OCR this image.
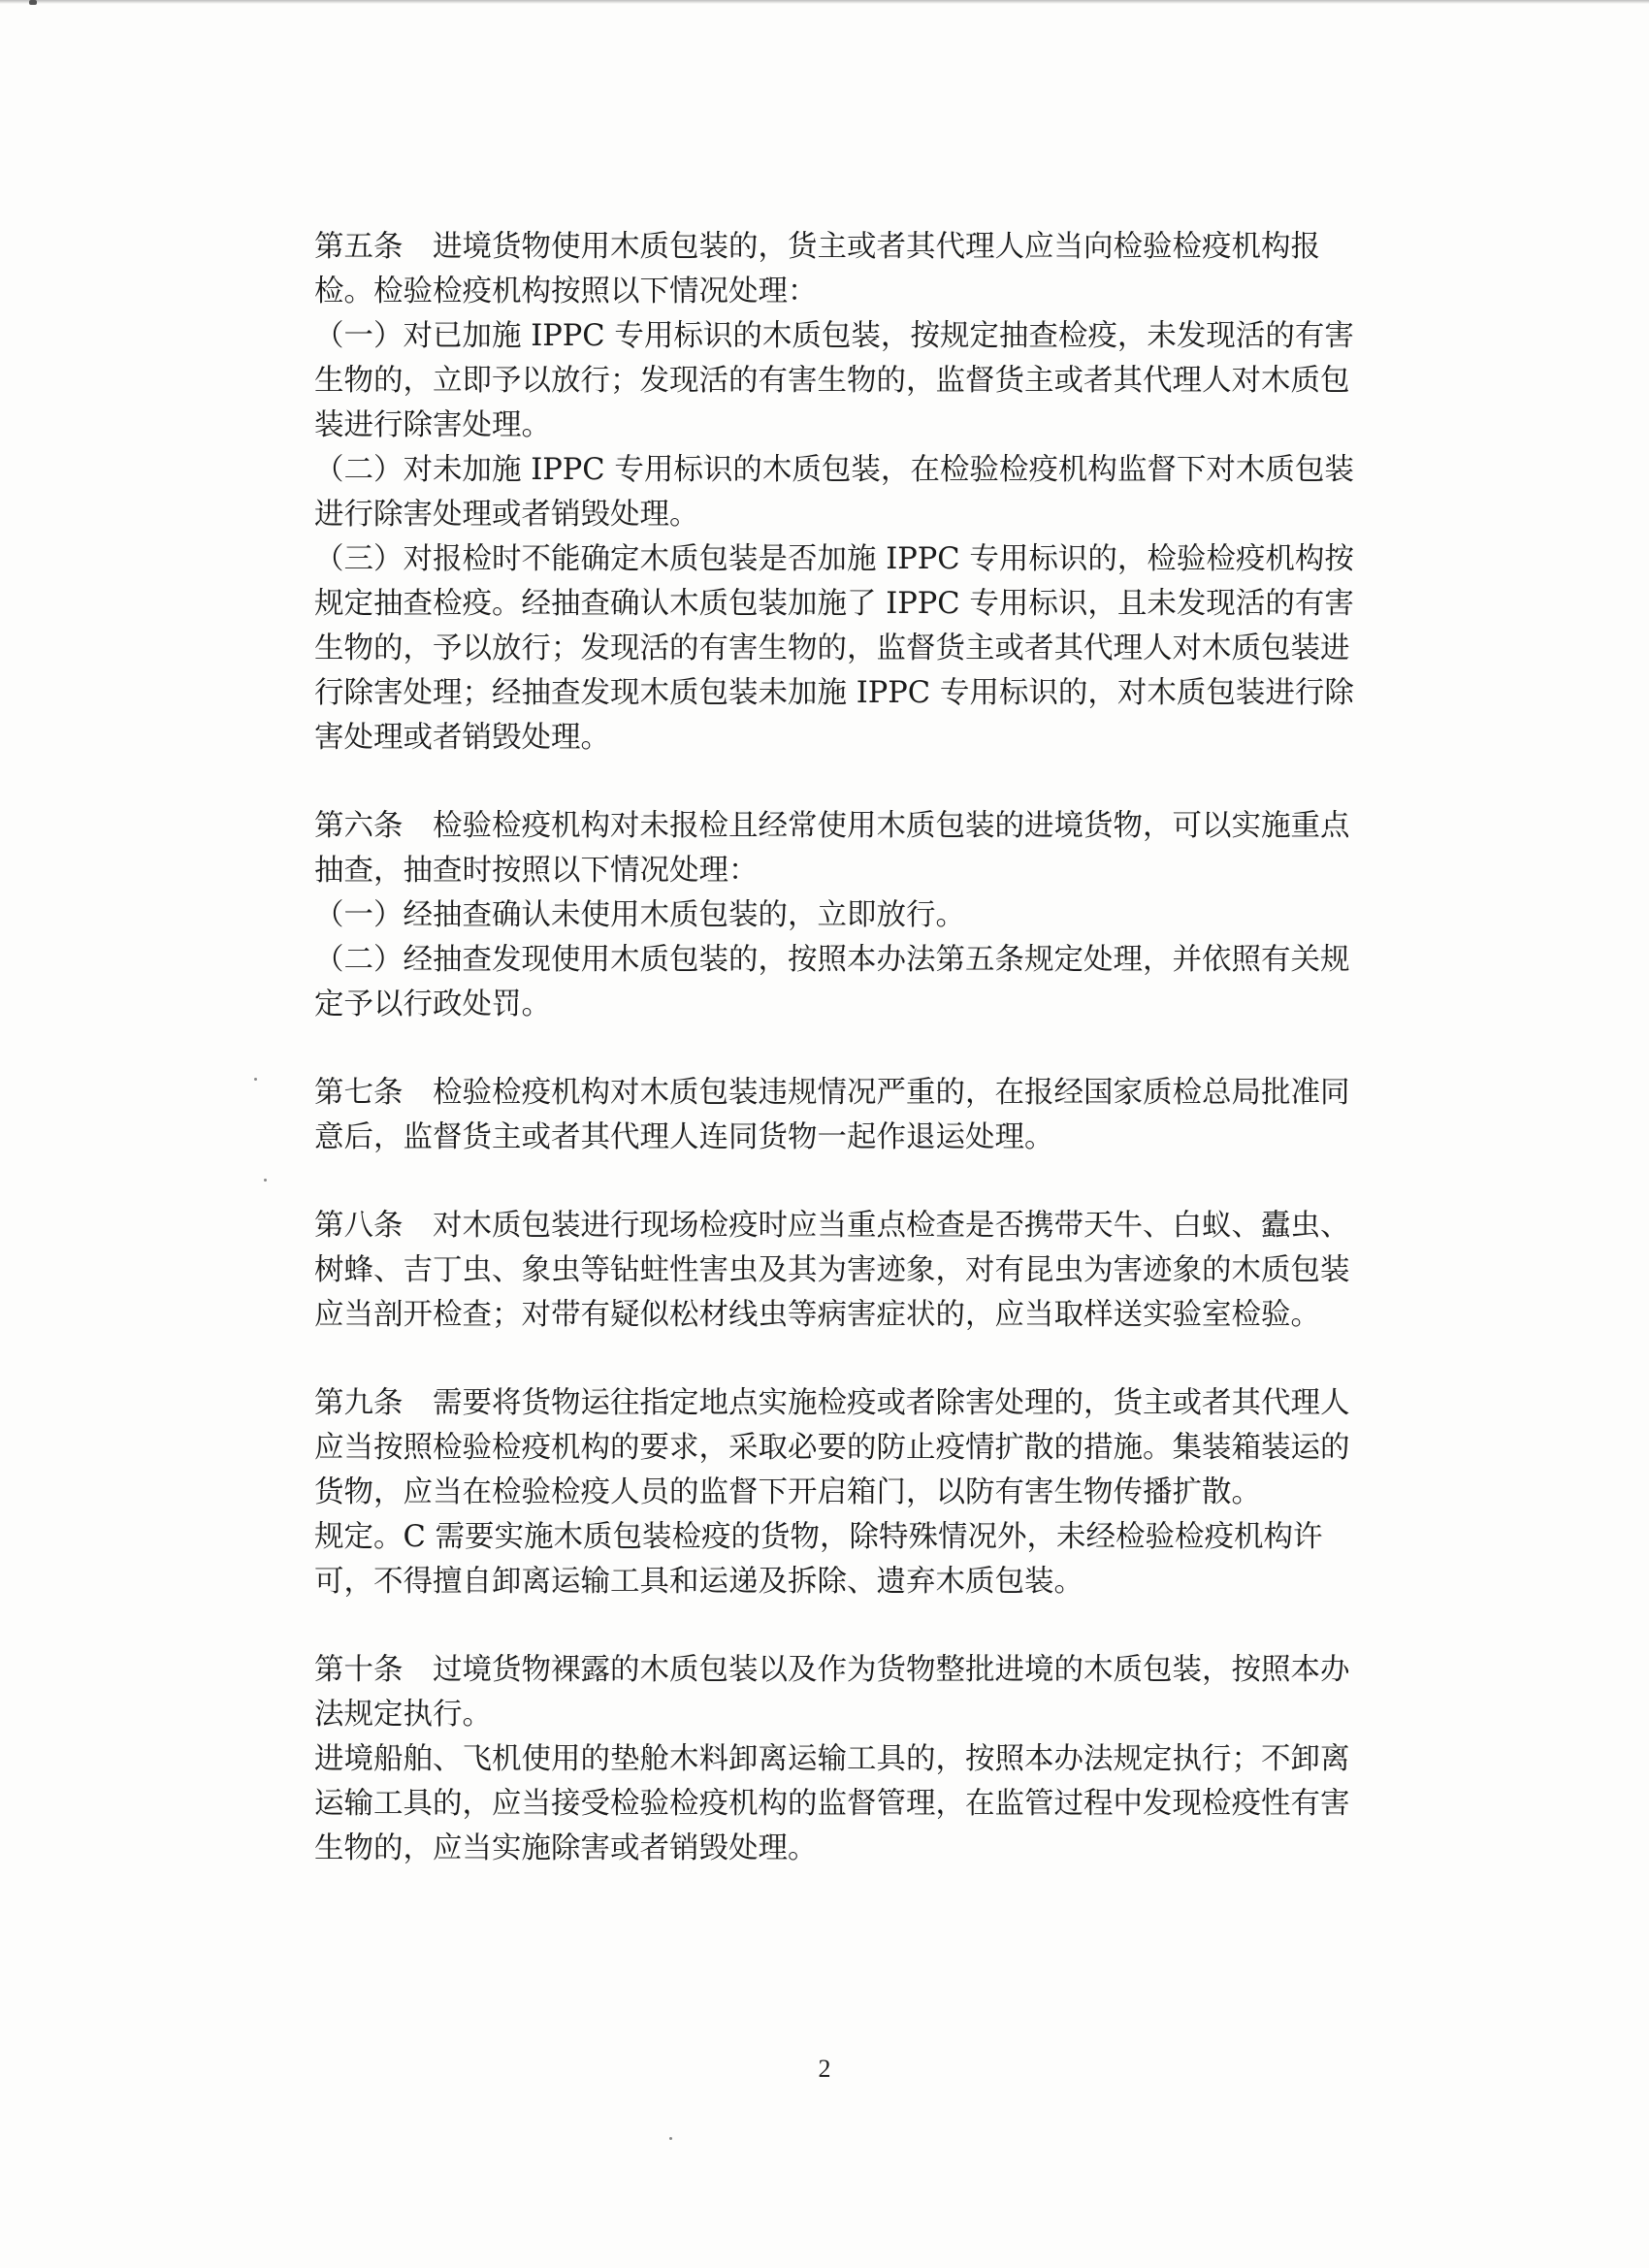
第五条　进境货物使用木质包装的，货主或者其代理人应当向检验检疫机构报
检。检验检疫机构按照以下情况处理：
（一）对已加施 IPPC 专用标识的木质包装，按规定抽查检疫，未发现活的有害
生物的，立即予以放行；发现活的有害生物的，监督货主或者其代理人对木质包
装进行除害处理。
（二）对未加施 IPPC 专用标识的木质包装，在检验检疫机构监督下对木质包装
进行除害处理或者销毁处理。
（三）对报检时不能确定木质包装是否加施 IPPC 专用标识的，检验检疫机构按
规定抽查检疫。经抽查确认木质包装加施了 IPPC 专用标识，且未发现活的有害
生物的，予以放行；发现活的有害生物的，监督货主或者其代理人对木质包装进
行除害处理；经抽查发现木质包装未加施 IPPC 专用标识的，对木质包装进行除
害处理或者销毁处理。
第六条　检验检疫机构对未报检且经常使用木质包装的进境货物，可以实施重点
抽查，抽查时按照以下情况处理：
（一）经抽查确认未使用木质包装的，立即放行。
（二）经抽查发现使用木质包装的，按照本办法第五条规定处理，并依照有关规
定予以行政处罚。
第七条　检验检疫机构对木质包装违规情况严重的，在报经国家质检总局批准同
意后，监督货主或者其代理人连同货物一起作退运处理。
第八条　对木质包装进行现场检疫时应当重点检查是否携带天牛、白蚁、蠹虫、
树蜂、吉丁虫、象虫等钻蛀性害虫及其为害迹象，对有昆虫为害迹象的木质包装
应当剖开检查；对带有疑似松材线虫等病害症状的，应当取样送实验室检验。
第九条　需要将货物运往指定地点实施检疫或者除害处理的，货主或者其代理人
应当按照检验检疫机构的要求，采取必要的防止疫情扩散的措施。集装箱装运的
货物，应当在检验检疫人员的监督下开启箱门，以防有害生物传播扩散。
规定。C 需要实施木质包装检疫的货物，除特殊情况外，未经检验检疫机构许
可，不得擅自卸离运输工具和运递及拆除、遗弃木质包装。
第十条　过境货物裸露的木质包装以及作为货物整批进境的木质包装，按照本办
法规定执行。
进境船舶、飞机使用的垫舱木料卸离运输工具的，按照本办法规定执行；不卸离
运输工具的，应当接受检验检疫机构的监督管理，在监管过程中发现检疫性有害
生物的，应当实施除害或者销毁处理。
2
